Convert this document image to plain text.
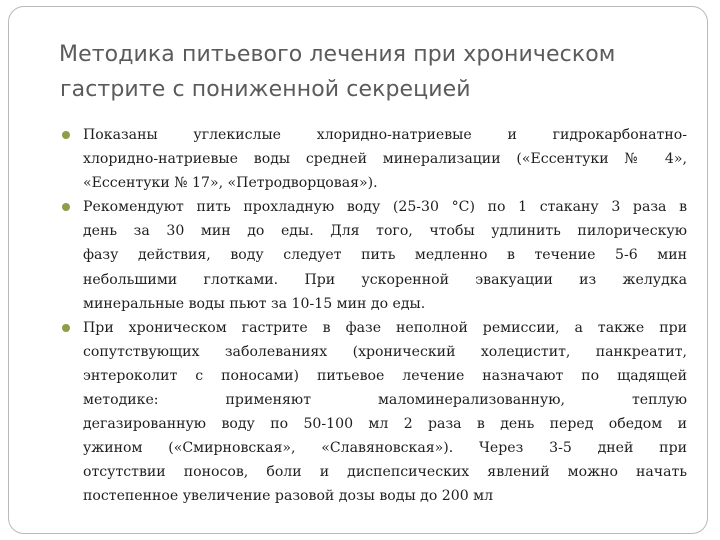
Методика питьевого лечения при хроническом
гастрите с пониженной секрецией
Показаны углекислые хлоридно-натриевые и гидрокарбонатно-
хлоридно-натриевые воды средней минерализации («Ессентуки № 4»,
«Ессентуки № 17», «Петродворцовая»).
Рекомендуют пить прохладную воду (25-30 °С) по 1 стакану 3 раза в
день за 30 мин до еды. Для того, чтобы удлинить пилорическую
фазу действия, воду следует пить медленно в течение 5-6 мин
небольшими глотками. При ускоренной эвакуации из желудка
минеральные воды пьют за 10-15 мин до еды.
При хроническом гастрите в фазе неполной ремиссии, а также при
сопутствующих заболеваниях (хронический холецистит, панкреатит,
энтероколит с поносами) питьевое лечение назначают по щадящей
методике: применяют маломинерализованную, теплую
дегазированную воду по 50-100 мл 2 раза в день перед обедом и
ужином («Смирновская», «Славяновская»). Через 3-5 дней при
отсутствии поносов, боли и диспепсических явлений можно начать
постепенное увеличение разовой дозы воды до 200 мл
